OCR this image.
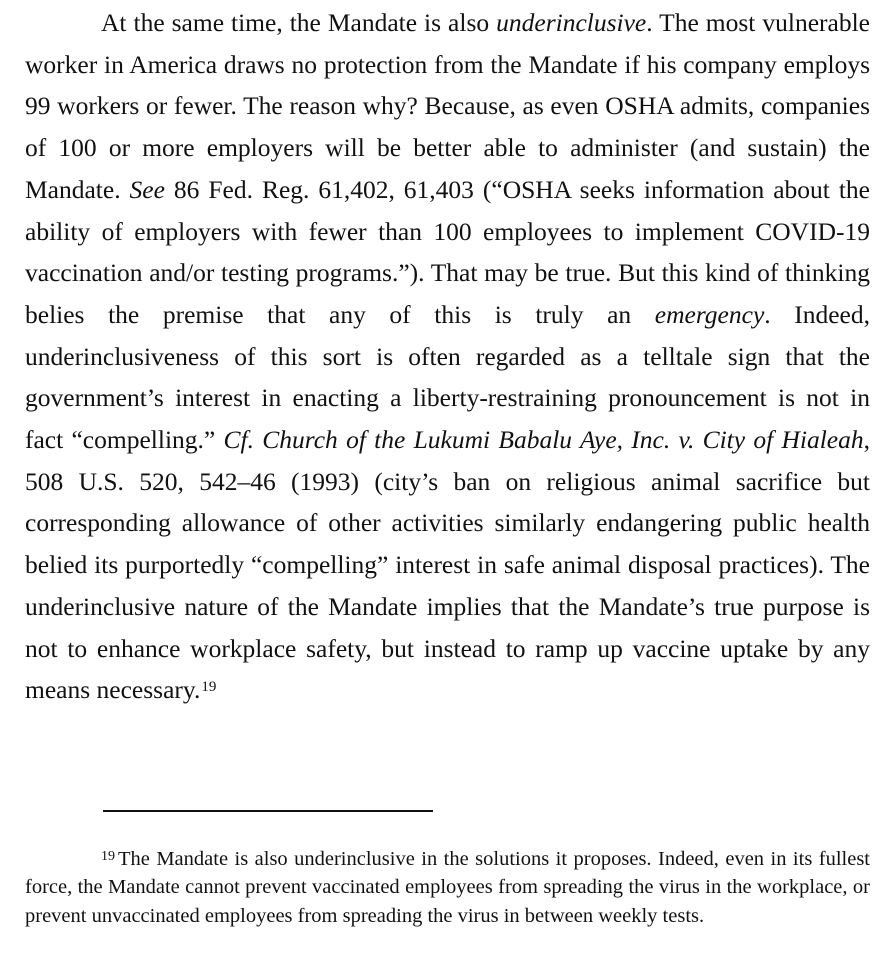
At the same time, the Mandate is also underinclusive. The most vulnerable worker in America draws no protection from the Mandate if his company employs 99 workers or fewer. The reason why? Because, as even OSHA admits, companies of 100 or more employers will be better able to administer (and sustain) the Mandate. See 86 Fed. Reg. 61,402, 61,403 (“OSHA seeks information about the ability of employers with fewer than 100 employees to implement COVID-19 vaccination and/or testing programs.”). That may be true. But this kind of thinking belies the premise that any of this is truly an emergency. Indeed, underinclusiveness of this sort is often regarded as a telltale sign that the government’s interest in enacting a liberty-restraining pronouncement is not in fact “compelling.” Cf. Church of the Lukumi Babalu Aye, Inc. v. City of Hialeah, 508 U.S. 520, 542–46 (1993) (city’s ban on religious animal sacrifice but corresponding allowance of other activities similarly endangering public health belied its purportedly “compelling” interest in safe animal disposal practices). The underinclusive nature of the Mandate implies that the Mandate’s true purpose is not to enhance workplace safety, but instead to ramp up vaccine uptake by any means necessary.$^{19}$

$^{19}$ The Mandate is also underinclusive in the solutions it proposes. Indeed, even in its fullest force, the Mandate cannot prevent vaccinated employees from spreading the virus in the workplace, or prevent unvaccinated employees from spreading the virus in between weekly tests.
